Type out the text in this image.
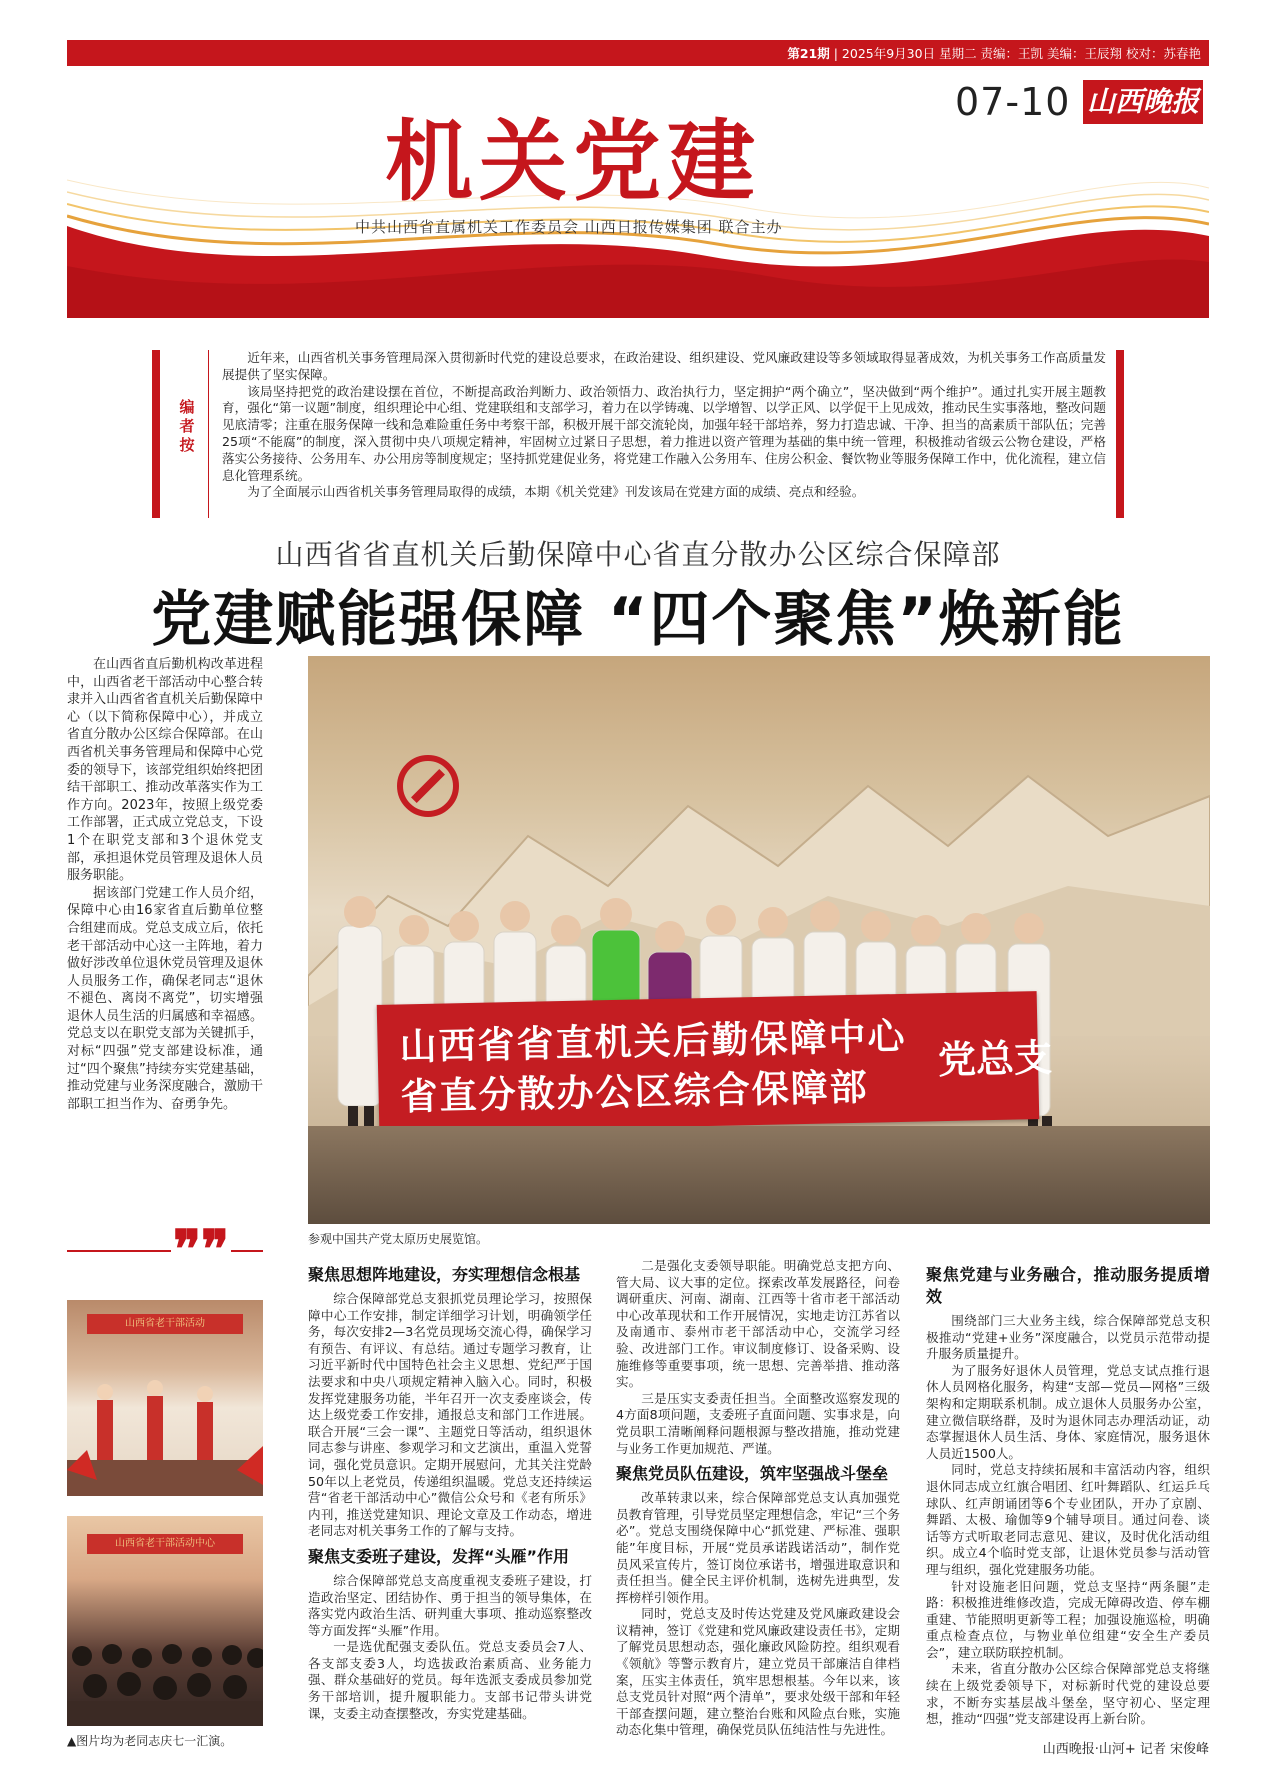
第21期 | 2025年9月30日 星期二 责编：王凯 美编：王辰翔 校对：苏春艳
07-10 山西晚报
机关党建
中共山西省直属机关工作委员会 山西日报传媒集团 联合主办
编者按

近年来，山西省机关事务管理局深入贯彻新时代党的建设总要求，在政治建设、组织建设、党风廉政建设等多领域取得显著成效，为机关事务工作高质量发展提供了坚实保障。

该局坚持把党的政治建设摆在首位，不断提高政治判断力、政治领悟力、政治执行力，坚定拥护“两个确立”，坚决做到“两个维护”。通过扎实开展主题教育，强化“第一议题”制度，组织理论中心组、党建联组和支部学习，着力在以学铸魂、以学增智、以学正风、以学促干上见成效，推动民生实事落地，整改问题见底清零；注重在服务保障一线和急难险重任务中考察干部，积极开展干部交流轮岗，加强年轻干部培养，努力打造忠诚、干净、担当的高素质干部队伍；完善25项“不能腐”的制度，深入贯彻中央八项规定精神，牢固树立过紧日子思想，着力推进以资产管理为基础的集中统一管理，积极推动省级云公物仓建设，严格落实公务接待、公务用车、办公用房等制度规定；坚持抓党建促业务，将党建工作融入公务用车、住房公积金、餐饮物业等服务保障工作中，优化流程，建立信息化管理系统。

为了全面展示山西省机关事务管理局取得的成绩，本期《机关党建》刊发该局在党建方面的成绩、亮点和经验。

山西省省直机关后勤保障中心省直分散办公区综合保障部
党建赋能强保障 “四个聚焦”焕新能

在山西省直后勤机构改革进程中，山西省老干部活动中心整合转隶并入山西省省直机关后勤保障中心（以下简称保障中心），并成立省直分散办公区综合保障部。在山西省机关事务管理局和保障中心党委的领导下，该部党组织始终把团结干部职工、推动改革落实作为工作方向。2023年，按照上级党委工作部署，正式成立党总支，下设1个在职党支部和3个退休党支部，承担退休党员管理及退休人员服务职能。

据该部门党建工作人员介绍，保障中心由16家省直后勤单位整合组建而成。党总支成立后，依托老干部活动中心这一主阵地，着力做好涉改单位退休党员管理及退休人员服务工作，确保老同志“退休不褪色、离岗不离党”，切实增强退休人员生活的归属感和幸福感。党总支以在职党支部为关键抓手，对标“四强”党支部建设标准，通过“四个聚焦”持续夯实党建基础，推动党建与业务深度融合，激励干部职工担当作为、奋勇争先。

❞❞
山西省老干部活动
山西省老干部活动中心
▲图片均为老同志庆七一汇演。
山西省省直机关后勤保障中心
省直分散办公区综合保障部
党总支
参观中国共产党太原历史展览馆。
聚焦思想阵地建设，夯实理想信念根基

综合保障部党总支狠抓党员理论学习，按照保障中心工作安排，制定详细学习计划，明确领学任务，每次安排2—3名党员现场交流心得，确保学习有预告、有评议、有总结。通过专题学习教育，让习近平新时代中国特色社会主义思想、党纪严于国法要求和中央八项规定精神入脑入心。同时，积极发挥党建服务功能，半年召开一次支委座谈会，传达上级党委工作安排，通报总支和部门工作进展。联合开展“三会一课”、主题党日等活动，组织退休同志参与讲座、参观学习和文艺演出，重温入党誓词，强化党员意识。定期开展慰问，尤其关注党龄50年以上老党员，传递组织温暖。党总支还持续运营“省老干部活动中心”微信公众号和《老有所乐》内刊，推送党建知识、理论文章及工作动态，增进老同志对机关事务工作的了解与支持。

聚焦支委班子建设，发挥“头雁”作用

综合保障部党总支高度重视支委班子建设，打造政治坚定、团结协作、勇于担当的领导集体，在落实党内政治生活、研判重大事项、推动巡察整改等方面发挥“头雁”作用。

一是选优配强支委队伍。党总支委员会7人、各支部支委3人，均选拔政治素质高、业务能力强、群众基础好的党员。每年选派支委成员参加党务干部培训，提升履职能力。支部书记带头讲党课，支委主动查摆整改，夯实党建基础。

二是强化支委领导职能。明确党总支把方向、管大局、议大事的定位。探索改革发展路径，问卷调研重庆、河南、湖南、江西等十省市老干部活动中心改革现状和工作开展情况，实地走访江苏省以及南通市、泰州市老干部活动中心，交流学习经验、改进部门工作。审议制度修订、设备采购、设施维修等重要事项，统一思想、完善举措、推动落实。

三是压实支委责任担当。全面整改巡察发现的4方面8项问题，支委班子直面问题、实事求是，向党员职工清晰阐释问题根源与整改措施，推动党建与业务工作更加规范、严谨。

聚焦党员队伍建设，筑牢坚强战斗堡垒

改革转隶以来，综合保障部党总支认真加强党员教育管理，引导党员坚定理想信念，牢记“三个务必”。党总支围绕保障中心“抓党建、严标准、强职能”年度目标，开展“党员承诺践诺活动”，制作党员风采宣传片，签订岗位承诺书，增强进取意识和责任担当。健全民主评价机制，选树先进典型，发挥榜样引领作用。

同时，党总支及时传达党建及党风廉政建设会议精神，签订《党建和党风廉政建设责任书》，定期了解党员思想动态，强化廉政风险防控。组织观看《领航》等警示教育片，建立党员干部廉洁自律档案，压实主体责任，筑牢思想根基。今年以来，该总支党员针对照“两个清单”，要求处级干部和年轻干部查摆问题，建立整治台账和风险点台账，实施动态化集中管理，确保党员队伍纯洁性与先进性。

聚焦党建与业务融合，推动服务提质增效

围绕部门三大业务主线，综合保障部党总支积极推动“党建+业务”深度融合，以党员示范带动提升服务质量提升。

为了服务好退休人员管理，党总支试点推行退休人员网格化服务，构建“支部—党员—网格”三级架构和定期联系机制。成立退休人员服务办公室，建立微信联络群，及时为退休同志办理活动证，动态掌握退休人员生活、身体、家庭情况，服务退休人员近1500人。

同时，党总支持续拓展和丰富活动内容，组织退休同志成立红旗合唱团、红叶舞蹈队、红运乒乓球队、红声朗诵团等6个专业团队，开办了京剧、舞蹈、太极、瑜伽等9个辅导项目。通过问卷、谈话等方式听取老同志意见、建议，及时优化活动组织。成立4个临时党支部，让退休党员参与活动管理与组织，强化党建服务功能。

针对设施老旧问题，党总支坚持“两条腿”走路：积极推进维修改造，完成无障碍改造、停车棚重建、节能照明更新等工程；加强设施巡检，明确重点检查点位，与物业单位组建“安全生产委员会”，建立联防联控机制。

未来，省直分散办公区综合保障部党总支将继续在上级党委领导下，对标新时代党的建设总要求，不断夯实基层战斗堡垒，坚守初心、坚定理想，推动“四强”党支部建设再上新台阶。

山西晚报·山河+ 记者 宋俊峰
